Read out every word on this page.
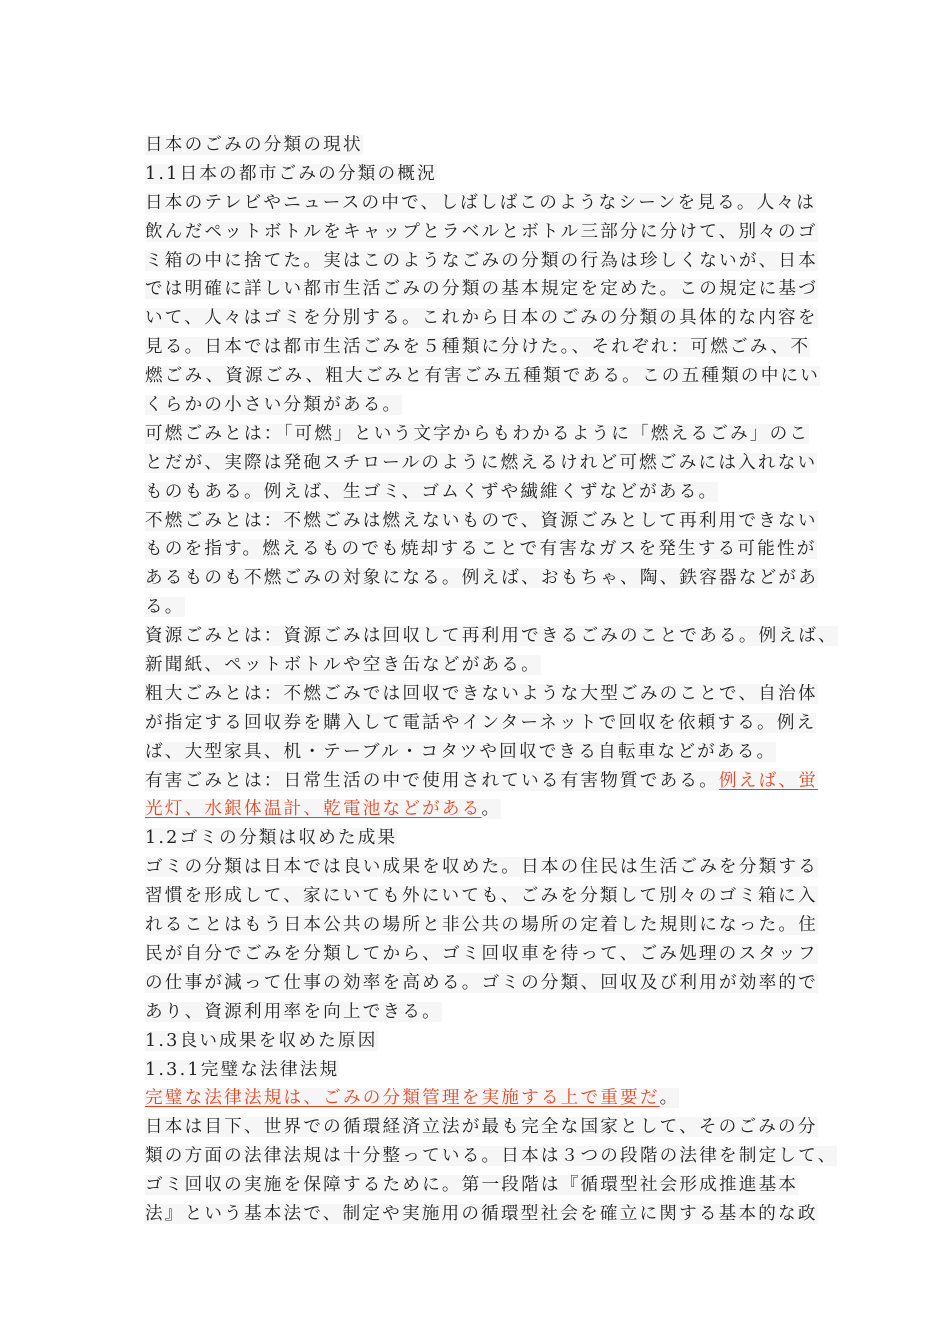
日本のごみの分類の現状
1.1日本の都市ごみの分類の概況
日本のテレビやニュースの中で、しばしばこのようなシーンを見る。人々は
飲んだペットボトルをキャップとラベルとボトル三部分に分けて、別々のゴ
ミ箱の中に捨てた。実はこのようなごみの分類の行為は珍しくないが、日本
では明確に詳しい都市生活ごみの分類の基本規定を定めた。この規定に基づ
いて、人々はゴミを分別する。これから日本のごみの分類の具体的な内容を
見る。日本では都市生活ごみを５種類に分けた。、それぞれ：可燃ごみ、不
燃ごみ、資源ごみ、粗大ごみと有害ごみ五種類である。この五種類の中にい
くらかの小さい分類がある。
可燃ごみとは：「可燃」という文字からもわかるように「燃えるごみ」のこ
とだが、実際は発砲スチロールのように燃えるけれど可燃ごみには入れない
ものもある。例えば、生ゴミ、ゴムくずや繊維くずなどがある。
不燃ごみとは：不燃ごみは燃えないもので、資源ごみとして再利用できない
ものを指す。燃えるものでも焼却することで有害なガスを発生する可能性が
あるものも不燃ごみの対象になる。例えば、おもちゃ、陶、鉄容器などがあ
る。
資源ごみとは：資源ごみは回収して再利用できるごみのことである。例えば、
新聞紙、ペットボトルや空き缶などがある。
粗大ごみとは：不燃ごみでは回収できないような大型ごみのことで、自治体
が指定する回収券を購入して電話やインターネットで回収を依頼する。例え
ば、大型家具、机・テーブル・コタツや回収できる自転車などがある。
有害ごみとは：日常生活の中で使用されている有害物質である。例えば、蛍
光灯、水銀体温計、乾電池などがある。
1.2ゴミの分類は収めた成果
ゴミの分類は日本では良い成果を収めた。日本の住民は生活ごみを分類する
習慣を形成して、家にいても外にいても、ごみを分類して別々のゴミ箱に入
れることはもう日本公共の場所と非公共の場所の定着した規則になった。住
民が自分でごみを分類してから、ゴミ回収車を待って、ごみ処理のスタッフ
の仕事が減って仕事の効率を高める。ゴミの分類、回収及び利用が効率的で
あり、資源利用率を向上できる。
1.3良い成果を収めた原因
1.3.1完璧な法律法規
完璧な法律法規は、ごみの分類管理を実施する上で重要だ。
日本は目下、世界での循環経済立法が最も完全な国家として、そのごみの分
類の方面の法律法規は十分整っている。日本は３つの段階の法律を制定して、
ゴミ回収の実施を保障するために。第一段階は『循環型社会形成推進基本
法』という基本法で、制定や実施用の循環型社会を確立に関する基本的な政
